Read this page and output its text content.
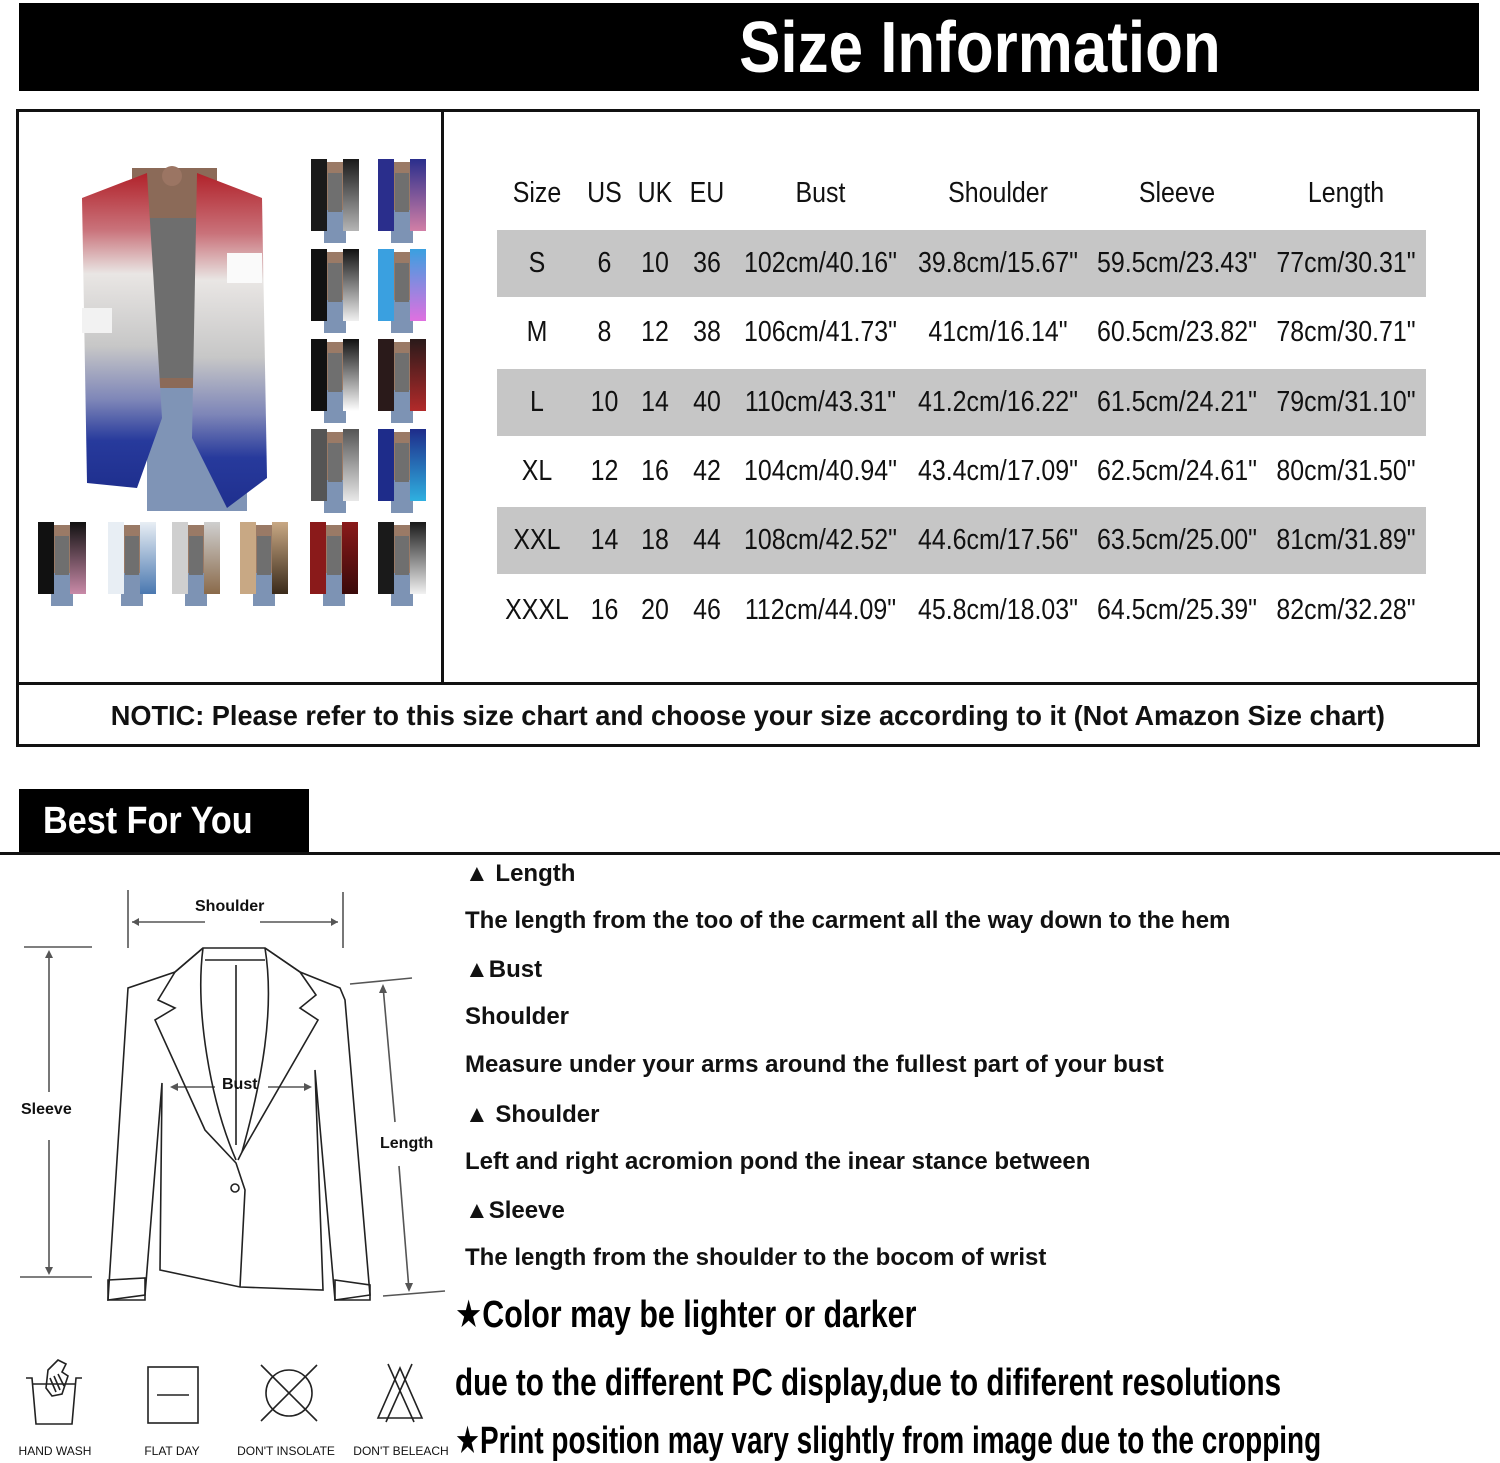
Size Information
Size US UK EU	Bust	Shoulder	Sleeve	Length
S	6	10 36 102cm/40.16" 39.8cm/15.67" 59.5cm/23.43" 77cm/30.31"
M	8	12 38 106cm/41.73" 41cm/16.14" 60.5cm/23.82" 78cm/30.71"
L	10 14 40 110cm/43.31" 41.2cm/16.22" 61.5cm/24.21" 79cm/31.10"
XL	12 16 42 104cm/40.94" 43.4cm/17.09" 62.5cm/24.61" 80cm/31.50"
XXL	14 18 44 108cm/42.52" 44.6cm/17.56" 63.5cm/25.00" 81cm/31.89"
XXXL 16 20 46 112cm/44.09" 45.8cm/18.03" 64.5cm/25.39" 82cm/32.28"
NOTIC: Please refer to this size chart and choose your size according to it (Not Amazon Size chart)
Best For You
Shoulder
Bust
Sleeve
Length
▲ Length
The length from the too of the carment all the way down to the hem
▲Bust
Shoulder
Measure under your arms around the fullest part of your bust
▲ Shoulder
Left and right acromion pond the inear stance between
▲Sleeve
The length from the shoulder to the bocom of wrist
★Color may be lighter or darker
due to the different PC display,due to dififerent resolutions
★Print position may vary slightly from image due to the cropping
HAND WASH	FLAT DAY	DON'T INSOLATE	DON'T BELEACH
